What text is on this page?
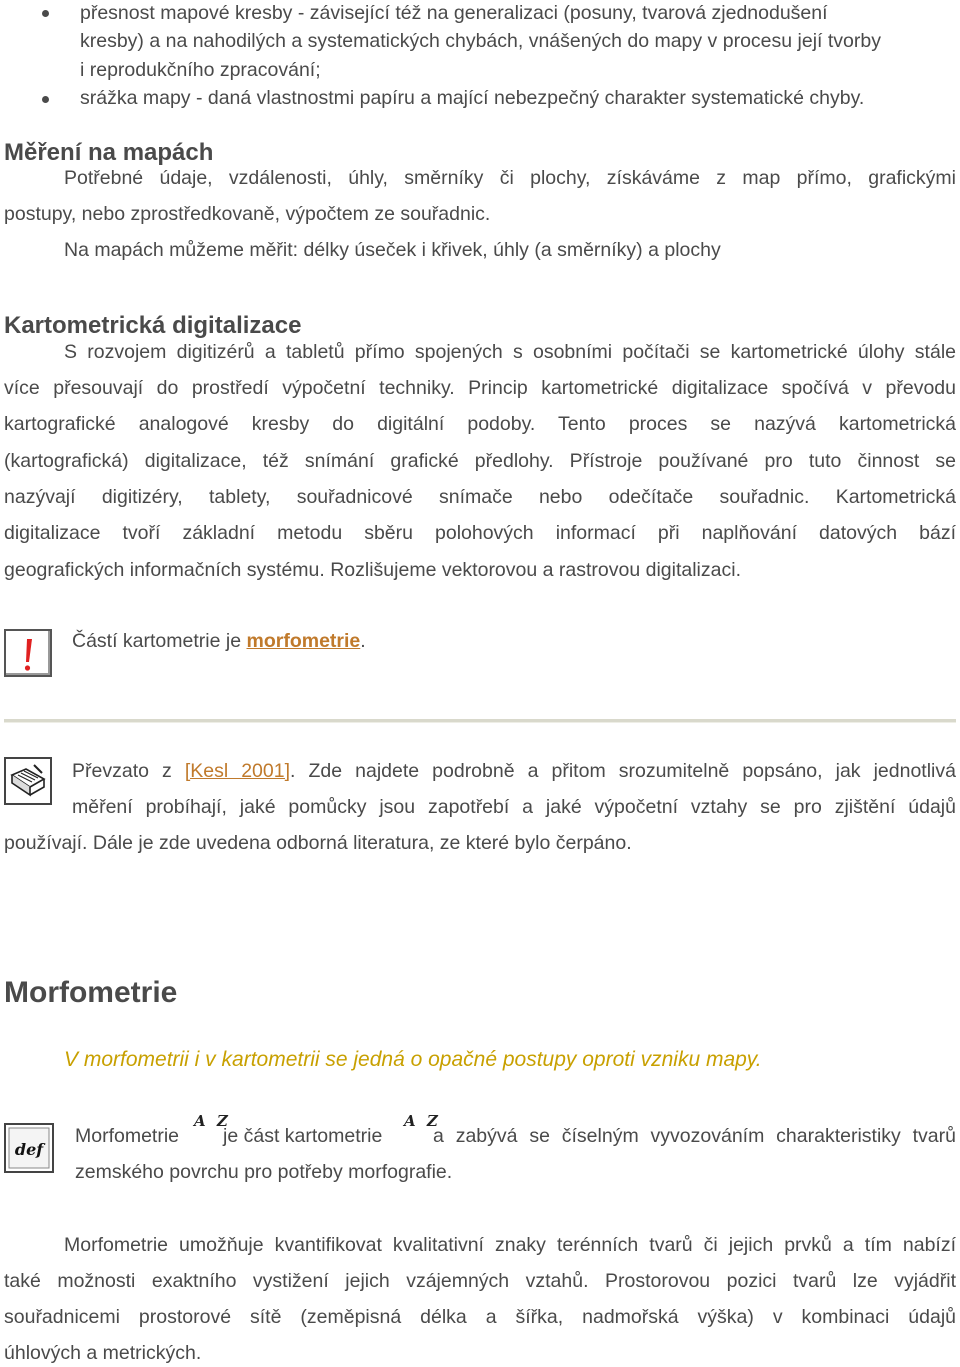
přesnost mapové kresby - závisející též na generalizaci (posuny, tvarová zjednodušení
kresby) a na nahodilých a systematických chybách, vnášených do mapy v procesu její tvorby
i reprodukčního zpracování;
srážka mapy - daná vlastnostmi papíru a mající nebezpečný charakter systematické chyby.
Měření na mapách
Potřebné údaje, vzdálenosti, úhly, směrníky či plochy, získáváme z map přímo, grafickými
postupy, nebo zprostředkovaně, výpočtem ze souřadnic.
Na mapách můžeme měřit: délky úseček i křivek, úhly (a směrníky) a plochy
Kartometrická digitalizace
S rozvojem digitizérů a tabletů přímo spojených s osobními počítači se kartometrické úlohy stále
více přesouvají do prostředí výpočetní techniky. Princip kartometrické digitalizace spočívá v převodu
kartografické analogové kresby do digitální podoby. Tento proces se nazývá kartometrická
(kartografická) digitalizace, též snímání grafické předlohy. Přístroje používané pro tuto činnost se
nazývají digitizéry, tablety, souřadnicové snímače nebo odečítače souřadnic. Kartometrická
digitalizace tvoří základní metodu sběru polohových informací při naplňování datových bází
geografických informačních systému. Rozlišujeme vektorovou a rastrovou digitalizaci.
Částí kartometrie je morfometrie.
Převzato z [Kesl 2001]. Zde najdete podrobně a přitom srozumitelně popsáno, jak jednotlivá
měření probíhají, jaké pomůcky jsou zapotřebí a jaké výpočetní vztahy se pro zjištění údajů
používají. Dále je zde uvedena odborná literatura, ze které bylo čerpáno.
Morfometrie
V morfometrii i v kartometrii se jedná o opačné postupy oproti vzniku mapy.
def
Morfometrie
A Z
je část kartometrie
A Z
a zabývá se číselným vyvozováním charakteristiky tvarů
zemského povrchu pro potřeby morfografie.
Morfometrie umožňuje kvantifikovat kvalitativní znaky terénních tvarů či jejich prvků a tím nabízí
také možnosti exaktního vystižení jejich vzájemných vztahů. Prostorovou pozici tvarů lze vyjádřit
souřadnicemi prostorové sítě (zeměpisná délka a šířka, nadmořská výška) v kombinaci údajů
úhlových a metrických.
